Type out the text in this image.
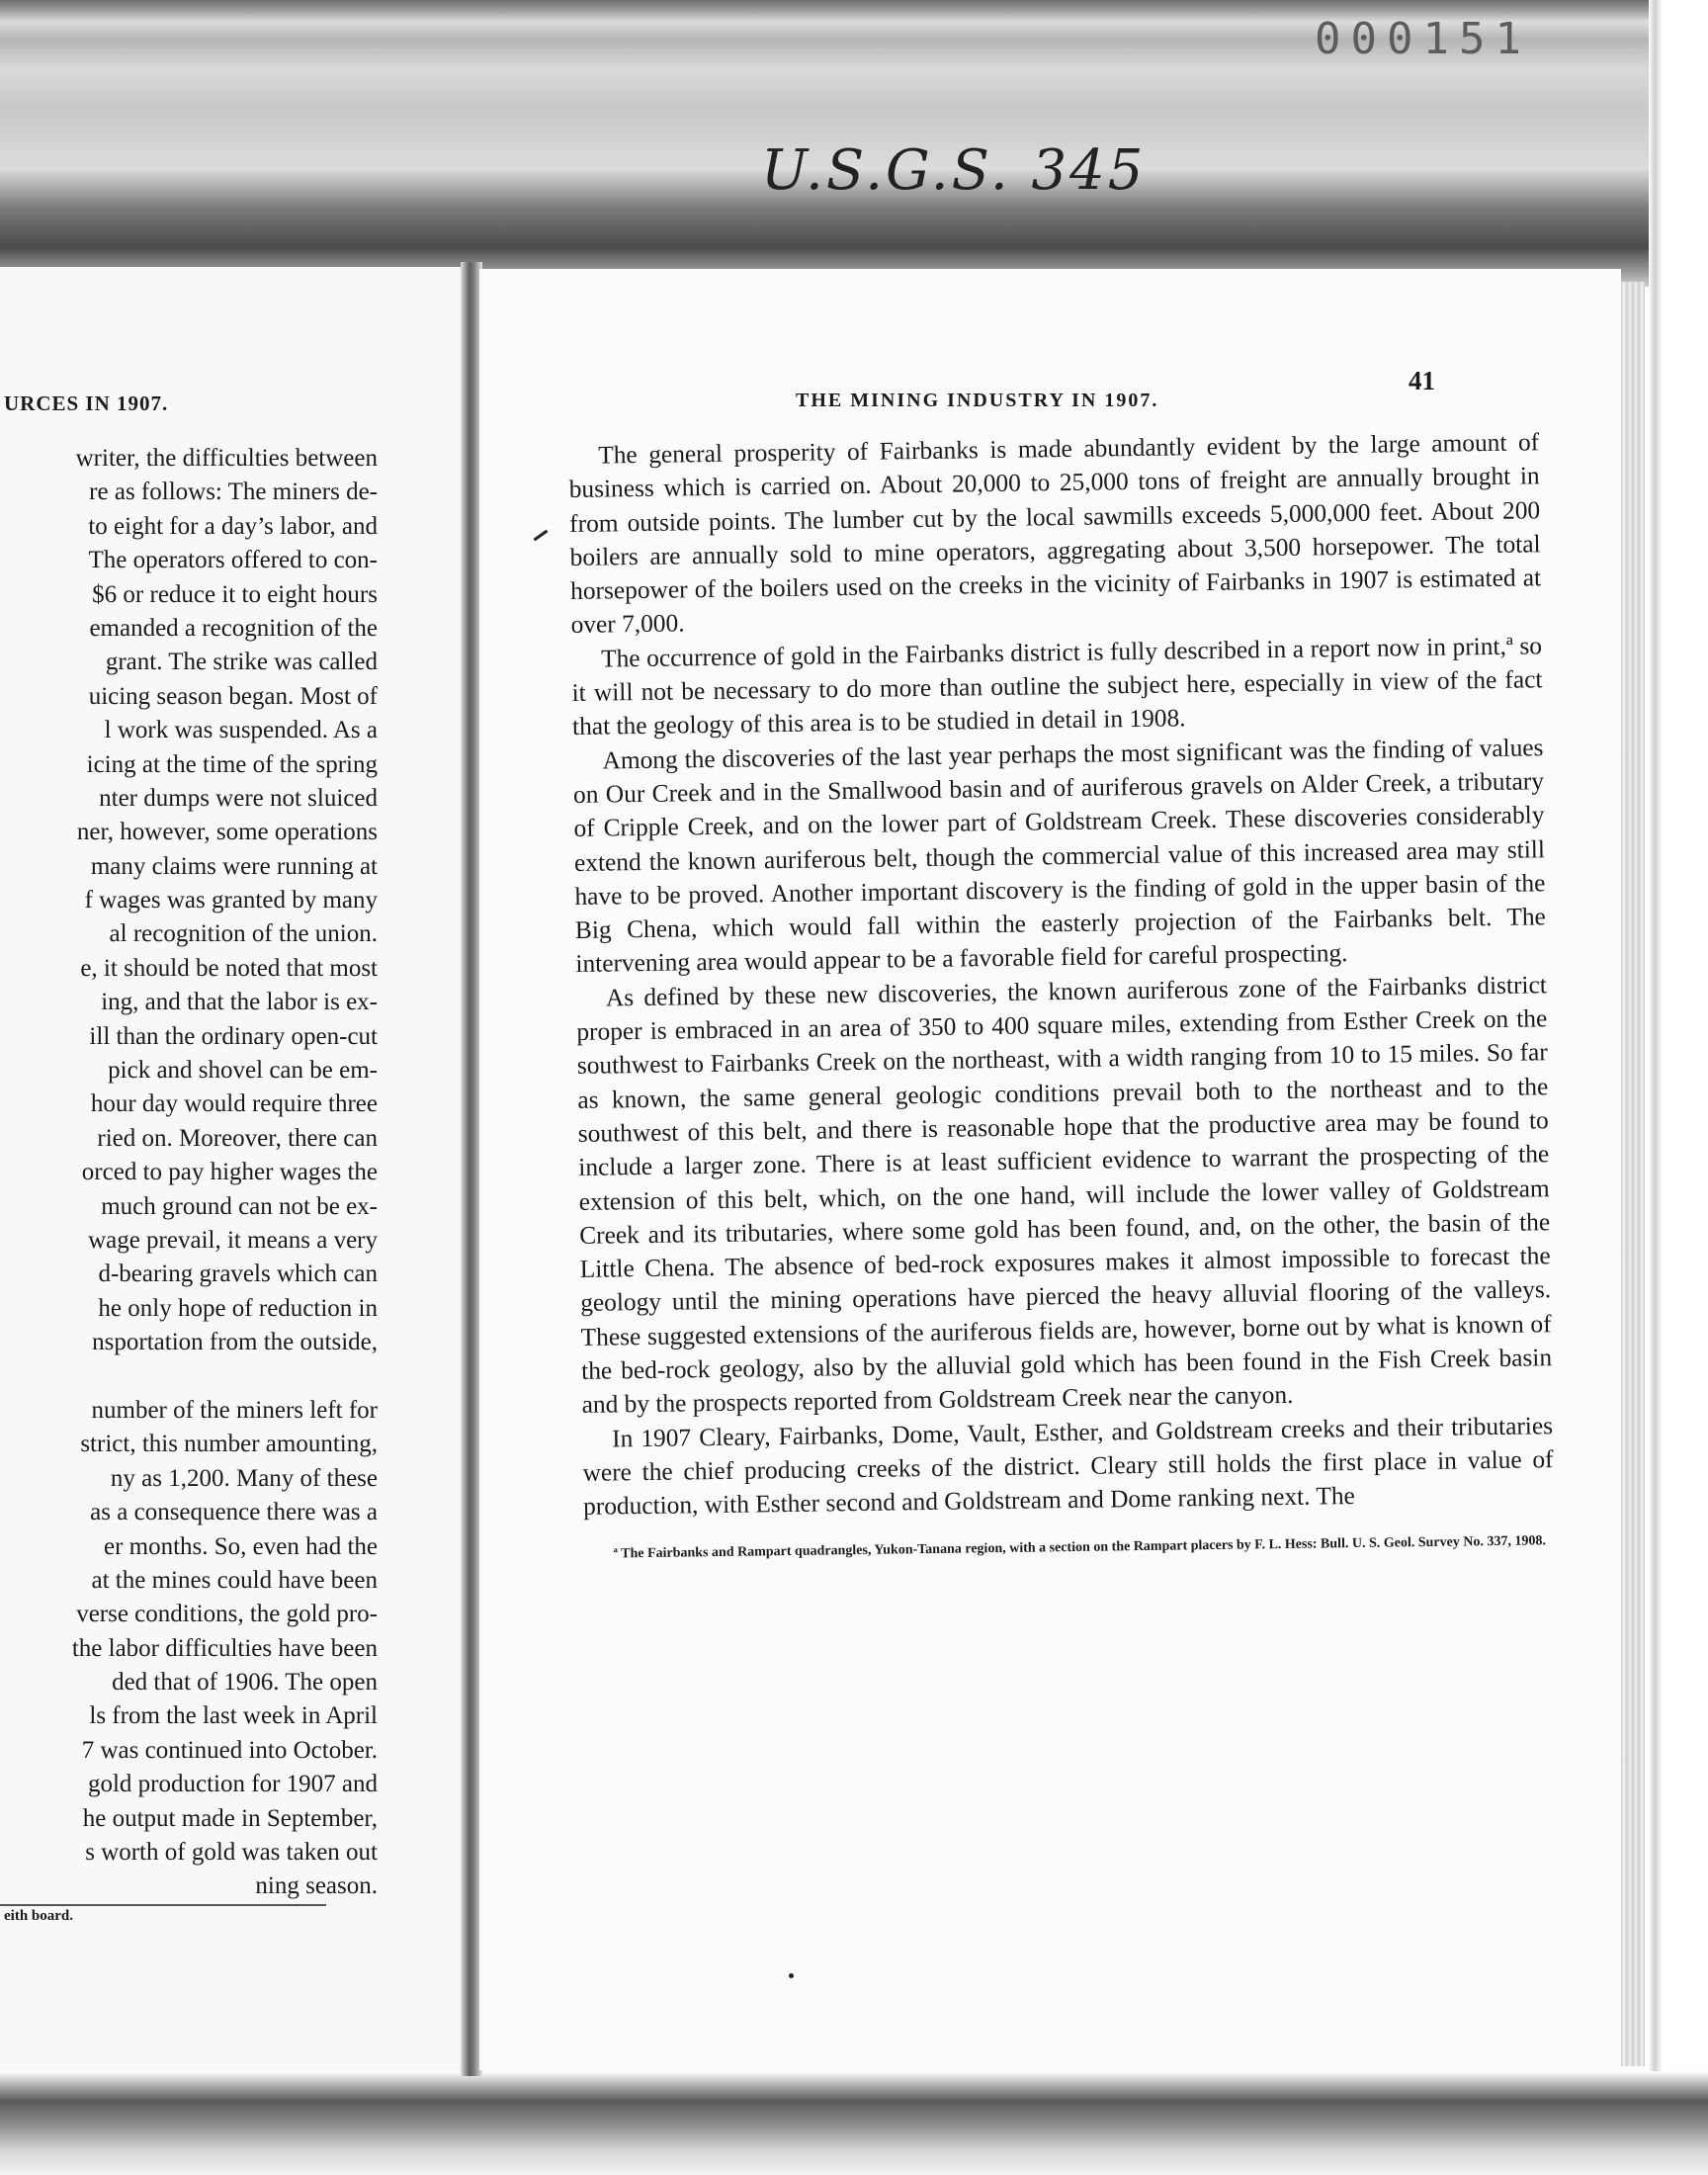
000151
U.S.G.S. 345
URCES IN 1907.
writer, the difficulties between
re as follows: The miners de-
to eight for a day’s labor, and
The operators offered to con-
$6 or reduce it to eight hours
emanded a recognition of the
grant. The strike was called
uicing season began. Most of
l work was suspended. As a
icing at the time of the spring
nter dumps were not sluiced
ner, however, some operations
many claims were running at
f wages was granted by many
al recognition of the union.
e, it should be noted that most
ing, and that the labor is ex-
ill than the ordinary open-cut
pick and shovel can be em-
hour day would require three
ried on. Moreover, there can
orced to pay higher wages the
much ground can not be ex-
wage prevail, it means a very
d-bearing gravels which can
he only hope of reduction in
nsportation from the outside,
number of the miners left for
strict, this number amounting,
ny as 1,200. Many of these
as a consequence there was a
er months. So, even had the
at the mines could have been
verse conditions, the gold pro-
the labor difficulties have been
ded that of 1906. The open
ls from the last week in April
7 was continued into October.
gold production for 1907 and
he output made in September,
s worth of gold was taken out
ning season.
eith board.
THE MINING INDUSTRY IN 1907.
41

The general prosperity of Fairbanks is made abundantly evident by the large amount of business which is carried on. About 20,000 to 25,000 tons of freight are annually brought in from outside points. The lumber cut by the local sawmills exceeds 5,000,000 feet. About 200 boilers are annually sold to mine operators, aggregating about 3,500 horsepower. The total horsepower of the boilers used on the creeks in the vicinity of Fairbanks in 1907 is estimated at over 7,000.

The occurrence of gold in the Fairbanks district is fully described in a report now in print,ª so it will not be necessary to do more than outline the subject here, especially in view of the fact that the geology of this area is to be studied in detail in 1908.

Among the discoveries of the last year perhaps the most significant was the finding of values on Our Creek and in the Smallwood basin and of auriferous gravels on Alder Creek, a tributary of Cripple Creek, and on the lower part of Goldstream Creek. These discoveries considerably extend the known auriferous belt, though the commercial value of this increased area may still have to be proved. Another important discovery is the finding of gold in the upper basin of the Big Chena, which would fall within the easterly projection of the Fairbanks belt. The intervening area would appear to be a favorable field for careful prospecting.

As defined by these new discoveries, the known auriferous zone of the Fairbanks district proper is embraced in an area of 350 to 400 square miles, extending from Esther Creek on the southwest to Fairbanks Creek on the northeast, with a width ranging from 10 to 15 miles. So far as known, the same general geologic conditions prevail both to the northeast and to the southwest of this belt, and there is reasonable hope that the productive area may be found to include a larger zone. There is at least sufficient evidence to warrant the prospecting of the extension of this belt, which, on the one hand, will include the lower valley of Goldstream Creek and its tributaries, where some gold has been found, and, on the other, the basin of the Little Chena. The absence of bed-rock exposures makes it almost impossible to forecast the geology until the mining operations have pierced the heavy alluvial flooring of the valleys. These suggested extensions of the auriferous fields are, however, borne out by what is known of the bed-rock geology, also by the alluvial gold which has been found in the Fish Creek basin and by the prospects reported from Goldstream Creek near the canyon.

In 1907 Cleary, Fairbanks, Dome, Vault, Esther, and Goldstream creeks and their tributaries were the chief producing creeks of the district. Cleary still holds the first place in value of production, with Esther second and Goldstream and Dome ranking next. The

ª The Fairbanks and Rampart quadrangles, Yukon-Tanana region, with a section on the Rampart placers by F. L. Hess: Bull. U. S. Geol. Survey No. 337, 1908.
